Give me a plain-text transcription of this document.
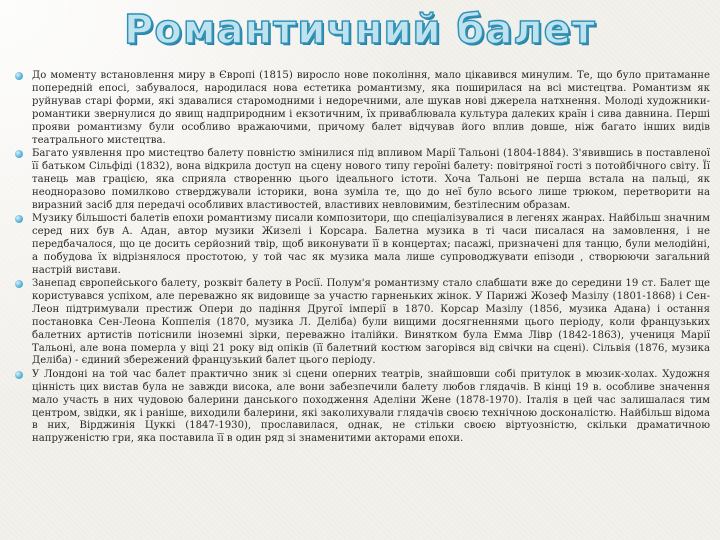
Романтичний балет
До моменту встановлення миру в Європі (1815) виросло нове покоління, мало цікавився минулим. Те, що було притаманне попередній епосі, забувалося, народилася нова естетика романтизму, яка поширилася на всі мистецтва. Романтизм як руйнував старі форми, які здавалися старомодними і недоречними, але шукав нові джерела натхнення. Молоді художники-романтики звернулися до явищ надприродним і екзотичним, їх приваблювала культура далеких країн і сива давнина. Перші прояви романтизму були особливо вражаючими, причому балет відчував його вплив довше, ніж багато інших видів театрального мистецтва.
Багато уявлення про мистецтво балету повністю змінилися під впливом Марії Тальоні (1804-1884). З'явившись в поставленої її батьком Сільфіді (1832), вона відкрила доступ на сцену нового типу героїні балету: повітряної гості з потойбічного світу. Її танець мав грацією, яка сприяла створенню цього ідеального істоти. Хоча Тальоні не перша встала на пальці, як неодноразово помилково стверджували історики, вона зуміла те, що до неї було всього лише трюком, перетворити на виразний засіб для передачі особливих властивостей, властивих невловимим, безтілесним образам.
Музику більшості балетів епохи романтизму писали композитори, що спеціалізувалися в легенях жанрах. Найбільш значним серед них був А. Адан, автор музики Жизелі і Корсара. Балетна музика в ті часи писалася на замовлення, і не передбачалося, що це досить серйозний твір, щоб виконувати її в концертах; пасажі, призначені для танцю, були мелодійні, а побудова їх відрізнялося простотою, у той час як музика мала лише супроводжувати епізоди , створюючи загальний настрій вистави.
Занепад європейського балету, розквіт балету в Росії. Полум'я романтизму стало слабшати вже до середини 19 ст. Балет ще користувався успіхом, але переважно як видовище за участю гарненьких жінок. У Парижі Жозеф Мазілу (1801-1868) і Сен-Леон підтримували престиж Опери до падіння Другої імперії в 1870. Корсар Мазілу (1856, музика Адана) і остання постановка Сен-Леона Коппелія (1870, музика Л. Деліба) були вищими досягненнями цього періоду, коли французьких балетних артистів потіснили іноземні зірки, переважно італійки. Винятком була Емма Лівр (1842-1863), учениця Марії Тальоні, але вона померла у віці 21 року від опіків (її балетний костюм загорівся від свічки на сцені). Сільвія (1876, музика Деліба) - єдиний збережений французький балет цього періоду.
У Лондоні на той час балет практично зник зі сцени оперних театрів, знайшовши собі притулок в мюзик-холах. Художня цінність цих вистав була не завжди висока, але вони забезпечили балету любов глядачів. В кінці 19 в. особливе значення мало участь в них чудовою балерини данського походження Аделіни Жене (1878-1970). Італія в цей час залишалася тим центром, звідки, як і раніше, виходили балерини, які заколихували глядачів своєю технічною досконалістю. Найбільш відома в них, Вірджинія Цуккі (1847-1930), прославилася, однак, не стільки своєю віртуозністю, скільки драматичною напруженістю гри, яка поставила її в один ряд зі знаменитими акторами епохи.
